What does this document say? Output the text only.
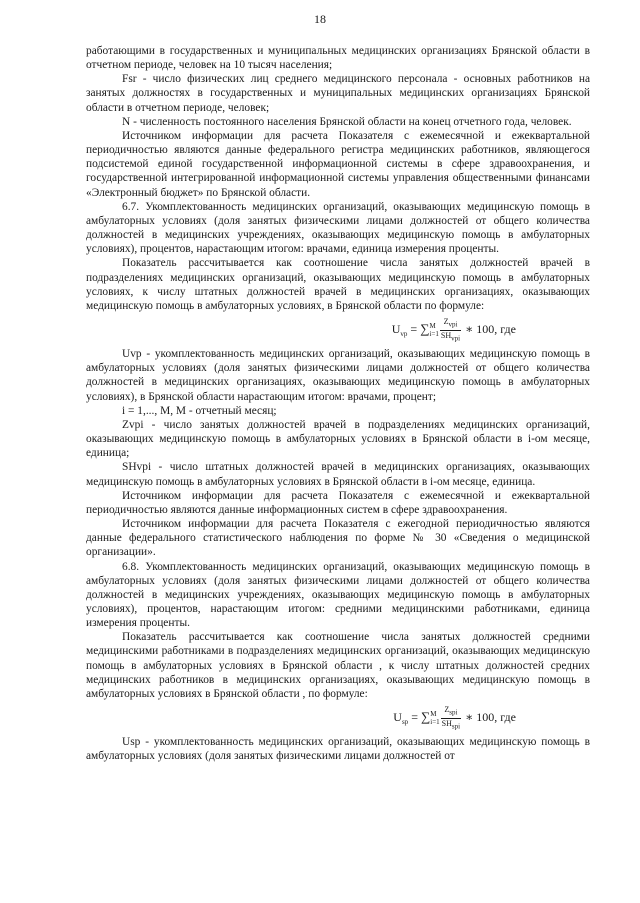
18

работающими в государственных и муниципальных медицинских организациях Брянской области в отчетном периоде, человек на 10 тысяч населения;

Fsr - число физических лиц среднего медицинского персонала - основных работников на занятых должностях в государственных и муниципальных медицинских организациях Брянской области в отчетном периоде, человек;

N - численность постоянного населения Брянской области на конец отчетного года, человек.

Источником информации для расчета Показателя с ежемесячной и ежеквартальной периодичностью являются данные федерального регистра медицинских работников, являющегося подсистемой единой государственной информационной системы в сфере здравоохранения, и государственной интегрированной информационной системы управления общественными финансами «Электронный бюджет» по Брянской области.

6.7. Укомплектованность медицинских организаций, оказывающих медицинскую помощь в амбулаторных условиях (доля занятых физическими лицами должностей от общего количества должностей в медицинских учреждениях, оказывающих медицинскую помощь в амбулаторных условиях), процентов, нарастающим итогом: врачами, единица измерения проценты.

Показатель рассчитывается как соотношение числа занятых должностей врачей в подразделениях медицинских организаций, оказывающих медицинскую помощь в амбулаторных условиях, к числу штатных должностей врачей в медицинских организациях, оказывающих медицинскую помощь в амбулаторных условиях, в Брянской области по формуле:

$U_{vp}$ = ∑ M
$i=1 \frac{Z_{vpi}}{SH_{vpi}}$ ∗ 100, где

Uvp - укомплектованность медицинских организаций, оказывающих медицинскую помощь в амбулаторных условиях (доля занятых физическими лицами должностей от общего количества должностей в медицинских организациях, оказывающих медицинскую помощь в амбулаторных условиях), в Брянской области нарастающим итогом: врачами, процент;

i = 1,..., M, M - отчетный месяц;

Zvpi - число занятых должностей врачей в подразделениях медицинских организаций, оказывающих медицинскую помощь в амбулаторных условиях в Брянской области в i-ом месяце, единица;

SHvpi - число штатных должностей врачей в медицинских организациях, оказывающих медицинскую помощь в амбулаторных условиях в Брянской области в i-ом месяце, единица.

Источником информации для расчета Показателя с ежемесячной и ежеквартальной периодичностью являются данные информационных систем в сфере здравоохранения.

Источником информации для расчета Показателя с ежегодной периодичностью являются данные федерального статистического наблюдения по форме № 30 «Сведения о медицинской организации».

6.8. Укомплектованность медицинских организаций, оказывающих медицинскую помощь в амбулаторных условиях (доля занятых физическими лицами должностей от общего количества должностей в медицинских учреждениях, оказывающих медицинскую помощь в амбулаторных условиях), процентов, нарастающим итогом: средними медицинскими работниками, единица измерения проценты.

Показатель рассчитывается как соотношение числа занятых должностей средними медицинскими работниками в подразделениях медицинских организаций, оказывающих медицинскую помощь в амбулаторных условиях в Брянской области , к числу штатных должностей средних медицинских работников в медицинских организациях, оказывающих медицинскую помощь в амбулаторных условиях в Брянской области , по формуле:

$U_{sp}$ = ∑ M
$i=1 \frac{Z_{spi}}{SH_{spi}}$ ∗ 100, где

Usp - укомплектованность медицинских организаций, оказывающих медицинскую помощь в амбулаторных условиях (доля занятых физическими лицами должностей от
